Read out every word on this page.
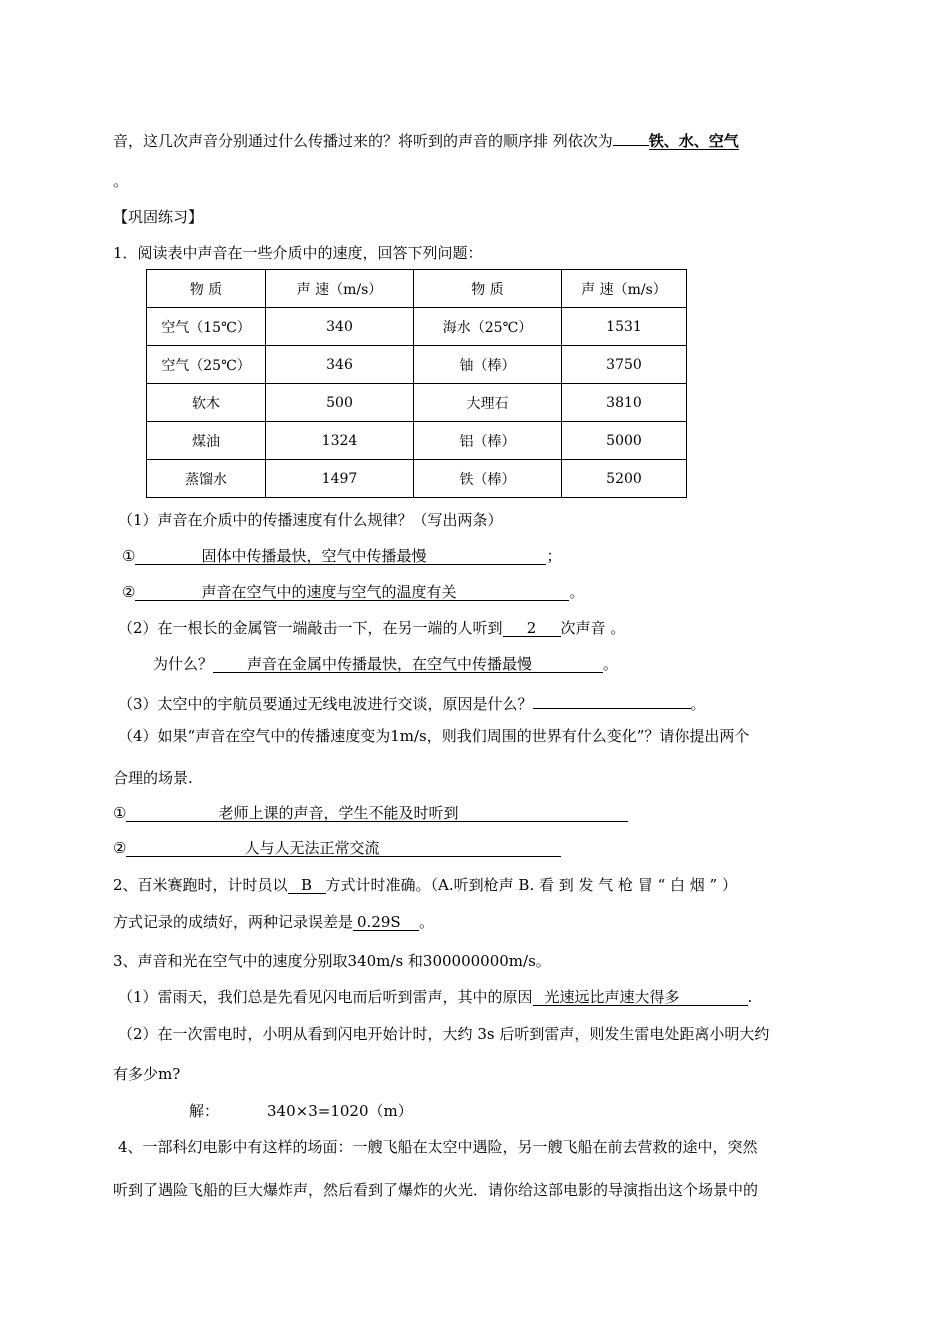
音，这几次声音分别通过什么传播过来的？将听到的声音的顺序排 列依次为 铁、水、空气
。
【巩固练习】
1．阅读表中声音在一些介质中的速度，回答下列问题：
物 质	声 速（m/s）	物 质	声 速（m/s）
空气（15℃）	340	海水（25℃）	1531
空气（25℃）	346	铀（棒）	3750
软木	500	大理石	3810
煤油	1324	铝（棒）	5000
蒸馏水	1497	铁（棒）	5200
（1）声音在介质中的传播速度有什么规律？（写出两条）
①	固体中传播最快，空气中传播最慢	；
②	声音在空气中的速度与空气的温度有关	。
（2）在一根长的金属管一端敲击一下，在另一端的人听到 2 次声音 。
为什么？ 声音在金属中传播最快，在空气中传播最慢	。
（3）太空中的宇航员要通过无线电波进行交谈，原因是什么？	。
（4）如果“声音在空气中的传播速度变为1m/s，则我们周围的世界有什么变化”？请你提出两个
合理的场景.
①	老师上课的声音，学生不能及时听到
②	人与人无法正常交流
2、百米赛跑时，计时员以 B 方式计时准确。（A.听到枪声 B. 看 到 发 气 枪 冒 “ 白 烟 ” ）
方式记录的成绩好，两种记录误差是 0.29S 。
3、声音和光在空气中的速度分别取340m/s 和300000000m/s。
（1）雷雨天，我们总是先看见闪电而后听到雷声，其中的原因 光速远比声速大得多	.
（2）在一次雷电时，小明从看到闪电开始计时，大约 3s 后听到雷声，则发生雷电处距离小明大约
有多少m?
解：	340×3=1020（m）
4、一部科幻电影中有这样的场面：一艘飞船在太空中遇险，另一艘飞船在前去营救的途中，突然
听到了遇险飞船的巨大爆炸声，然后看到了爆炸的火光．请你给这部电影的导演指出这个场景中的
